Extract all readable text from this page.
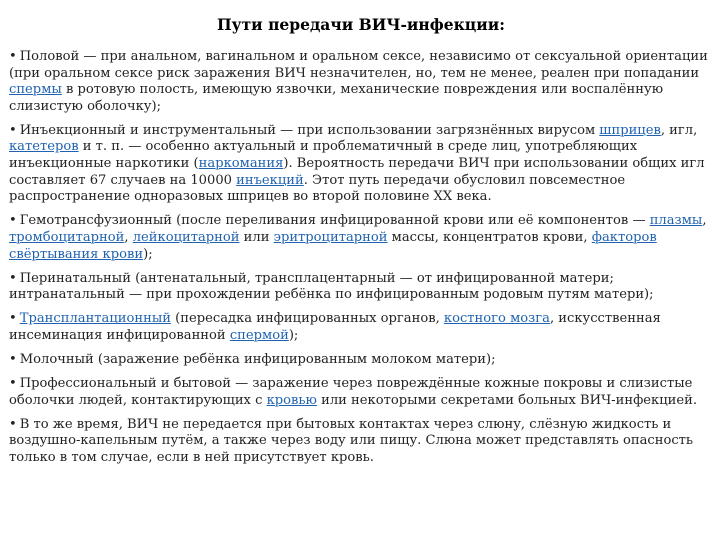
Пути передачи ВИЧ-инфекции:

• Половой — при анальном, вагинальном и оральном сексе, независимо от сексуальной ориентации (при оральном сексе риск заражения ВИЧ незначителен, но, тем не менее, реален при попадании спермы в ротовую полость, имеющую язвочки, механические повреждения или воспалённую слизистую оболочку);

• Инъекционный и инструментальный — при использовании загрязнённых вирусом шприцев, игл, катетеров и т. п. — особенно актуальный и проблематичный в среде лиц, употребляющих инъекционные наркотики (наркомания). Вероятность передачи ВИЧ при использовании общих игл составляет 67 случаев на 10000 инъекций. Этот путь передачи обусловил повсеместное распространение одноразовых шприцев во второй половине XX века.

• Гемотрансфузионный (после переливания инфицированной крови или её компонентов — плазмы, тромбоцитарной, лейкоцитарной или эритроцитарной массы, концентратов крови, факторов свёртывания крови);

• Перинатальный (антенатальный, трансплацентарный — от инфицированной матери; интранатальный — при прохождении ребёнка по инфицированным родовым путям матери);

• Трансплантационный (пересадка инфицированных органов, костного мозга, искусственная инсеминация инфицированной спермой);

• Молочный (заражение ребёнка инфицированным молоком матери);

• Профессиональный и бытовой — заражение через повреждённые кожные покровы и слизистые оболочки людей, контактирующих с кровью или некоторыми секретами больных ВИЧ-инфекцией.

• В то же время, ВИЧ не передается при бытовых контактах через слюну, слёзную жидкость и воздушно-капельным путём, а также через воду или пищу. Слюна может представлять опасность только в том случае, если в ней присутствует кровь.
